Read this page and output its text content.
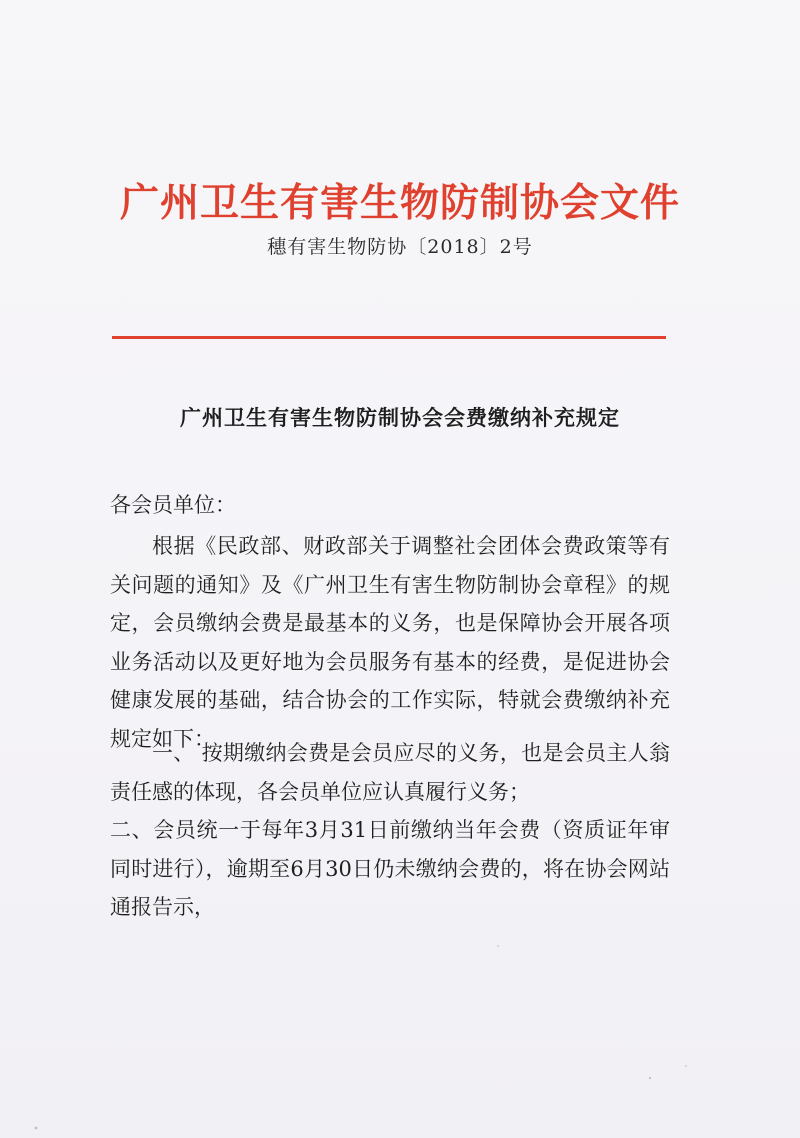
广州卫生有害生物防制协会文件
穗有害生物防协〔2018〕2号
广州卫生有害生物防制协会会费缴纳补充规定

各会员单位：

根据《民政部、财政部关于调整社会团体会费政策等有关问题的通知》及《广州卫生有害生物防制协会章程》的规定，会员缴纳会费是最基本的义务，也是保障协会开展各项业务活动以及更好地为会员服务有基本的经费，是促进协会健康发展的基础，结合协会的工作实际，特就会费缴纳补充规定如下：

一、 按期缴纳会费是会员应尽的义务，也是会员主人翁责任感的体现，各会员单位应认真履行义务；

二、会员统一于每年3月31日前缴纳当年会费（资质证年审同时进行），逾期至6月30日仍未缴纳会费的，将在协会网站通报告示，
